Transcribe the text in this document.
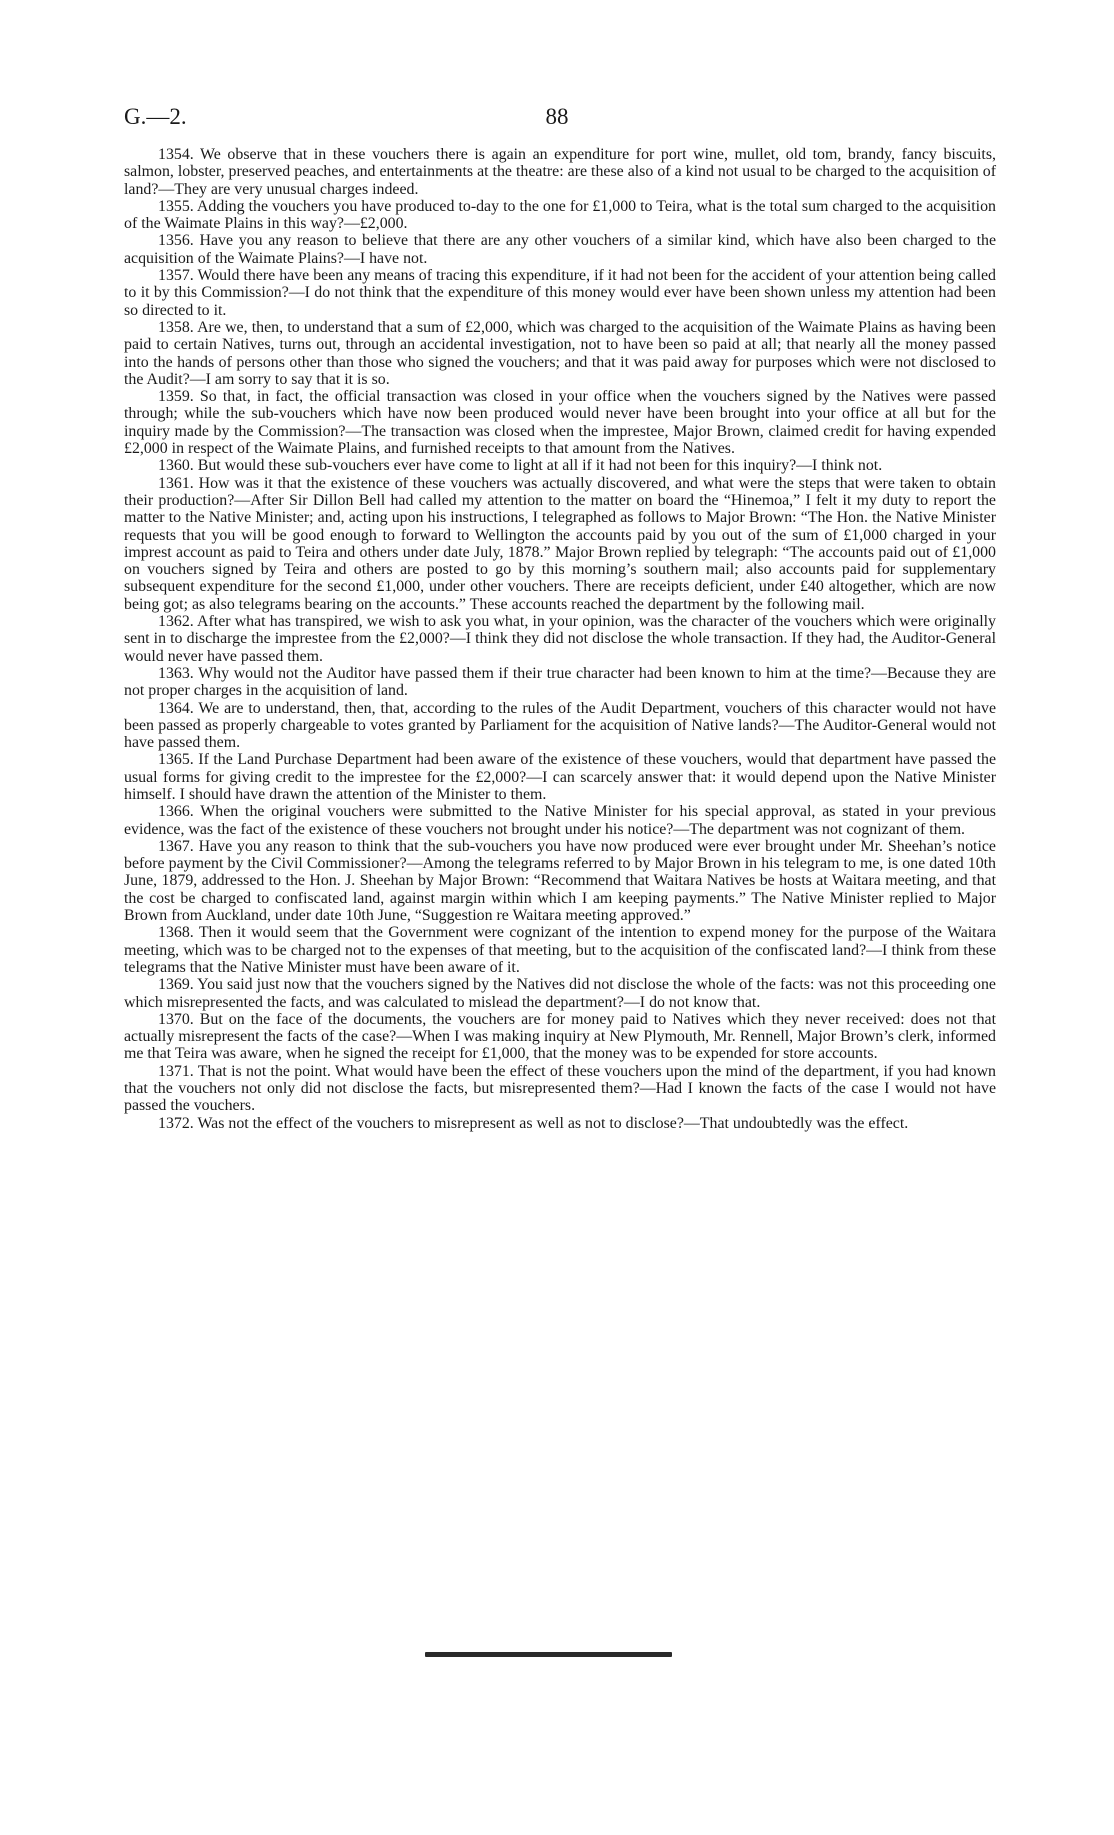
G.—2.	88

1354. We observe that in these vouchers there is again an expenditure for port wine, mullet, old tom, brandy, fancy biscuits, salmon, lobster, preserved peaches, and entertainments at the theatre: are these also of a kind not usual to be charged to the acquisition of land?—They are very unusual charges indeed.

1355. Adding the vouchers you have produced to-day to the one for £1,000 to Teira, what is the total sum charged to the acquisition of the Waimate Plains in this way?—£2,000.

1356. Have you any reason to believe that there are any other vouchers of a similar kind, which have also been charged to the acquisition of the Waimate Plains?—I have not.

1357. Would there have been any means of tracing this expenditure, if it had not been for the accident of your attention being called to it by this Commission?—I do not think that the expenditure of this money would ever have been shown unless my attention had been so directed to it.

1358. Are we, then, to understand that a sum of £2,000, which was charged to the acquisition of the Waimate Plains as having been paid to certain Natives, turns out, through an accidental investigation, not to have been so paid at all; that nearly all the money passed into the hands of persons other than those who signed the vouchers; and that it was paid away for purposes which were not disclosed to the Audit?—I am sorry to say that it is so.

1359. So that, in fact, the official transaction was closed in your office when the vouchers signed by the Natives were passed through; while the sub-vouchers which have now been produced would never have been brought into your office at all but for the inquiry made by the Commission?—The transaction was closed when the imprestee, Major Brown, claimed credit for having expended £2,000 in respect of the Waimate Plains, and furnished receipts to that amount from the Natives.

1360. But would these sub-vouchers ever have come to light at all if it had not been for this inquiry?—I think not.

1361. How was it that the existence of these vouchers was actually discovered, and what were the steps that were taken to obtain their production?—After Sir Dillon Bell had called my attention to the matter on board the “Hinemoa,” I felt it my duty to report the matter to the Native Minister; and, acting upon his instructions, I telegraphed as follows to Major Brown: “The Hon. the Native Minister requests that you will be good enough to forward to Wellington the accounts paid by you out of the sum of £1,000 charged in your imprest account as paid to Teira and others under date July, 1878.” Major Brown replied by telegraph: “The accounts paid out of £1,000 on vouchers signed by Teira and others are posted to go by this morning’s southern mail; also accounts paid for supplementary subsequent expenditure for the second £1,000, under other vouchers. There are receipts deficient, under £40 altogether, which are now being got; as also telegrams bearing on the accounts.” These accounts reached the department by the following mail.

1362. After what has transpired, we wish to ask you what, in your opinion, was the character of the vouchers which were originally sent in to discharge the imprestee from the £2,000?—I think they did not disclose the whole transaction. If they had, the Auditor-General would never have passed them.

1363. Why would not the Auditor have passed them if their true character had been known to him at the time?—Because they are not proper charges in the acquisition of land.

1364. We are to understand, then, that, according to the rules of the Audit Department, vouchers of this character would not have been passed as properly chargeable to votes granted by Parliament for the acquisition of Native lands?—The Auditor-General would not have passed them.

1365. If the Land Purchase Department had been aware of the existence of these vouchers, would that department have passed the usual forms for giving credit to the imprestee for the £2,000?—I can scarcely answer that: it would depend upon the Native Minister himself. I should have drawn the attention of the Minister to them.

1366. When the original vouchers were submitted to the Native Minister for his special approval, as stated in your previous evidence, was the fact of the existence of these vouchers not brought under his notice?—The department was not cognizant of them.

1367. Have you any reason to think that the sub-vouchers you have now produced were ever brought under Mr. Sheehan’s notice before payment by the Civil Commissioner?—Among the telegrams referred to by Major Brown in his telegram to me, is one dated 10th June, 1879, addressed to the Hon. J. Sheehan by Major Brown: “Recommend that Waitara Natives be hosts at Waitara meeting, and that the cost be charged to confiscated land, against margin within which I am keeping payments.” The Native Minister replied to Major Brown from Auckland, under date 10th June, “Suggestion re Waitara meeting approved.”

1368. Then it would seem that the Government were cognizant of the intention to expend money for the purpose of the Waitara meeting, which was to be charged not to the expenses of that meeting, but to the acquisition of the confiscated land?—I think from these telegrams that the Native Minister must have been aware of it.

1369. You said just now that the vouchers signed by the Natives did not disclose the whole of the facts: was not this proceeding one which misrepresented the facts, and was calculated to mislead the department?—I do not know that.

1370. But on the face of the documents, the vouchers are for money paid to Natives which they never received: does not that actually misrepresent the facts of the case?—When I was making inquiry at New Plymouth, Mr. Rennell, Major Brown’s clerk, informed me that Teira was aware, when he signed the receipt for £1,000, that the money was to be expended for store accounts.

1371. That is not the point. What would have been the effect of these vouchers upon the mind of the department, if you had known that the vouchers not only did not disclose the facts, but misrepresented them?—Had I known the facts of the case I would not have passed the vouchers.

1372. Was not the effect of the vouchers to misrepresent as well as not to disclose?—That undoubtedly was the effect.
